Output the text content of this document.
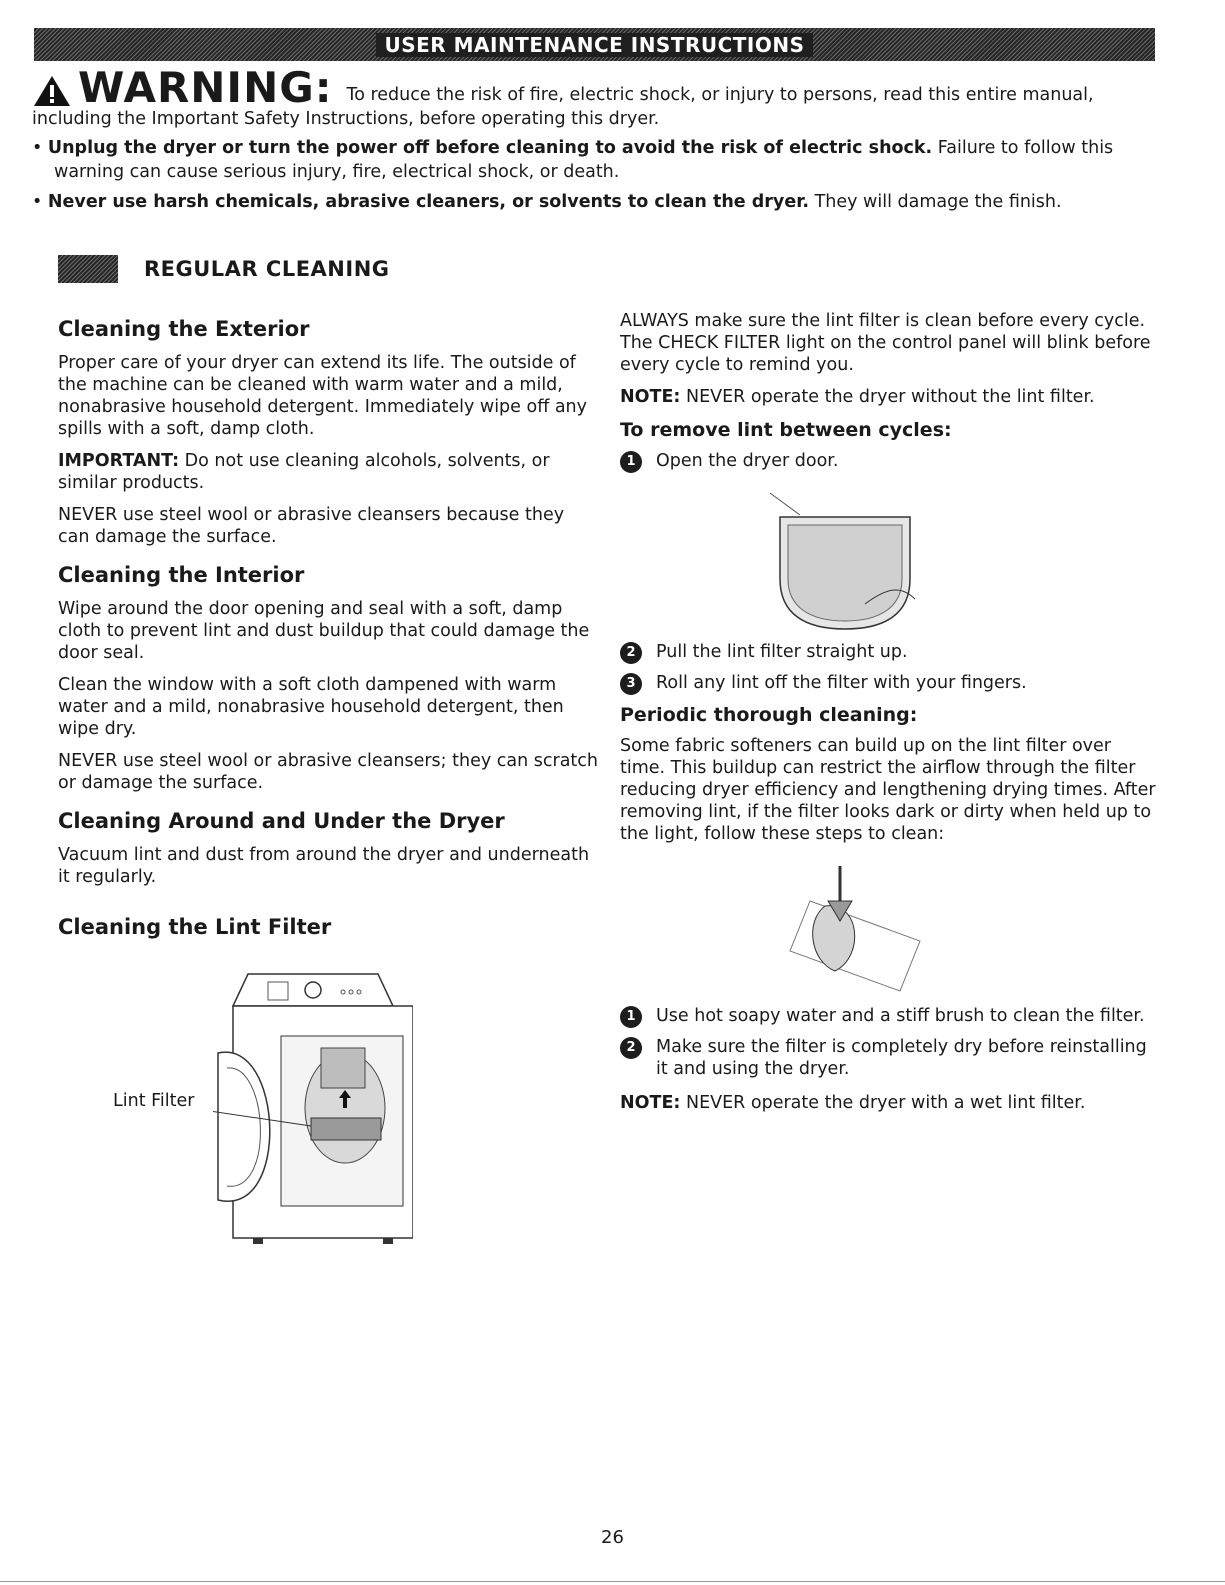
USER MAINTENANCE INSTRUCTIONS
WARNING: To reduce the risk of fire, electric shock, or injury to persons, read this entire manual,
including the Important Safety Instructions, before operating this dryer.
• Unplug the dryer or turn the power off before cleaning to avoid the risk of electric shock. Failure to follow this
warning can cause serious injury, fire, electrical shock, or death.
• Never use harsh chemicals, abrasive cleaners, or solvents to clean the dryer. They will damage the finish.
REGULAR CLEANING
Cleaning the Exterior

Proper care of your dryer can extend its life. The outside of the machine can be cleaned with warm water and a mild, nonabrasive household detergent. Immediately wipe off any spills with a soft, damp cloth.

IMPORTANT: Do not use cleaning alcohols, solvents, or similar products.

NEVER use steel wool or abrasive cleansers because they can damage the surface.

Cleaning the Interior

Wipe around the door opening and seal with a soft, damp cloth to prevent lint and dust buildup that could damage the door seal.

Clean the window with a soft cloth dampened with warm water and a mild, nonabrasive household detergent, then wipe dry.

NEVER use steel wool or abrasive cleansers; they can scratch or damage the surface.

Cleaning Around and Under the Dryer

Vacuum lint and dust from around the dryer and underneath it regularly.

Cleaning the Lint Filter
Lint Filter

ALWAYS make sure the lint filter is clean before every cycle. The CHECK FILTER light on the control panel will blink before every cycle to remind you.

NOTE: NEVER operate the dryer without the lint filter.

To remove lint between cycles:
1	Open the dryer door.
2	Pull the lint filter straight up.
3	Roll any lint off the filter with your fingers.
Periodic thorough cleaning:

Some fabric softeners can build up on the lint filter over time. This buildup can restrict the airflow through the filter reducing dryer efficiency and lengthening drying times. After removing lint, if the filter looks dark or dirty when held up to the light, follow these steps to clean:

1	Use hot soapy water and a stiff brush to clean the filter.
2	Make sure the filter is completely dry before reinstalling it and using the dryer.

NOTE: NEVER operate the dryer with a wet lint filter.

26
